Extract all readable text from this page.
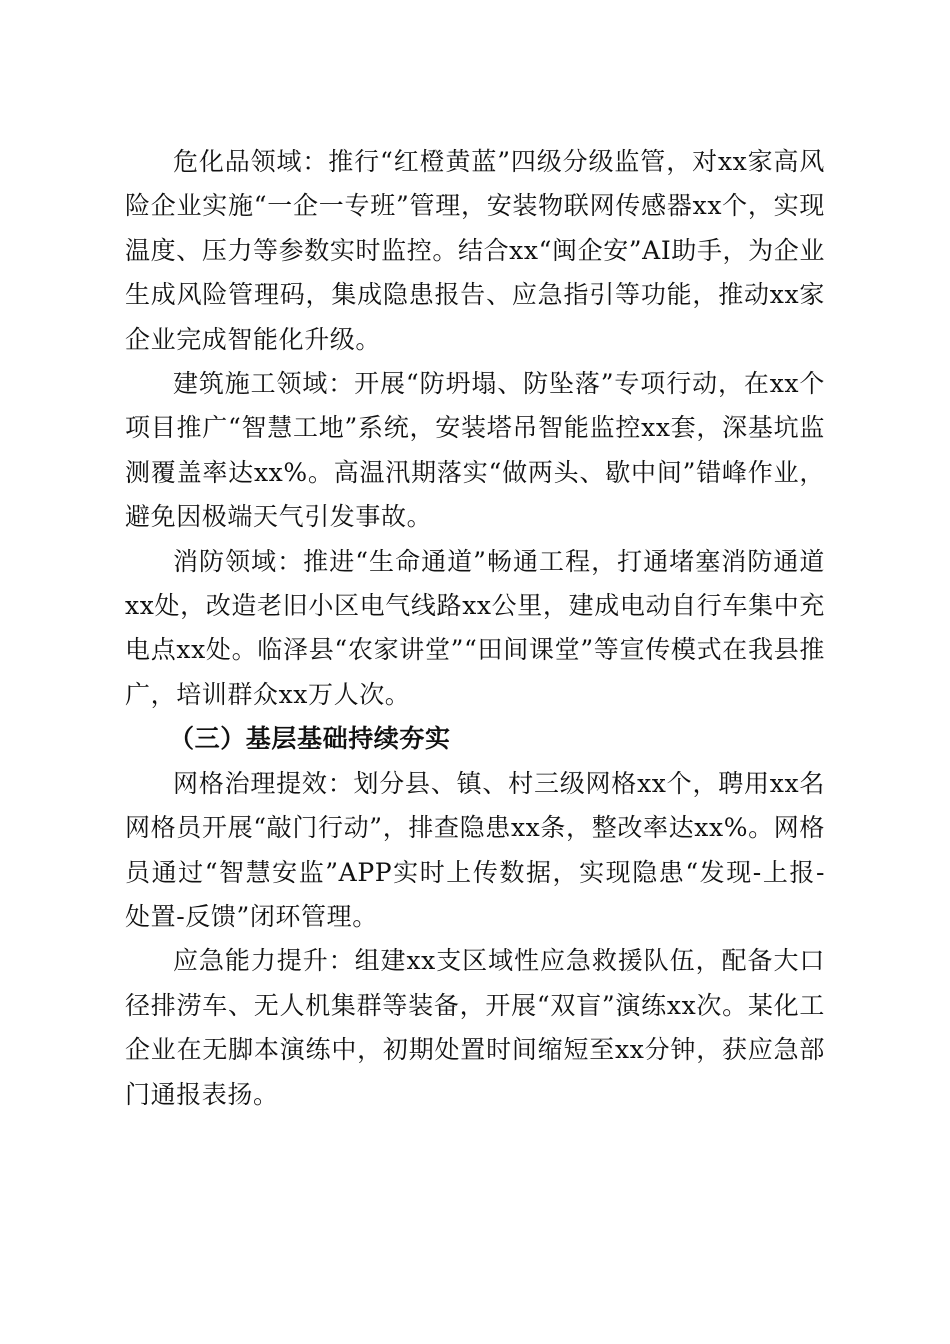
危化品领域：推行“红橙黄蓝”四级分级监管，对xx家高风险企业实施“一企一专班”管理，安装物联网传感器xx个，实现温度、压力等参数实时监控。结合xx“闽企安”AI助手，为企业生成风险管理码，集成隐患报告、应急指引等功能，推动xx家企业完成智能化升级。

建筑施工领域：开展“防坍塌、防坠落”专项行动，在xx个项目推广“智慧工地”系统，安装塔吊智能监控xx套，深基坑监测覆盖率达xx%。高温汛期落实“做两头、歇中间”错峰作业，避免因极端天气引发事故。

消防领域：推进“生命通道”畅通工程，打通堵塞消防通道xx处，改造老旧小区电气线路xx公里，建成电动自行车集中充电点xx处。临泽县“农家讲堂”“田间课堂”等宣传模式在我县推广，培训群众xx万人次。

（三）基层基础持续夯实

网格治理提效：划分县、镇、村三级网格xx个，聘用xx名网格员开展“敲门行动”，排查隐患xx条，整改率达xx%。网格员通过“智慧安监”APP实时上传数据，实现隐患“发现-上报-处置-反馈”闭环管理。

应急能力提升：组建xx支区域性应急救援队伍，配备大口径排涝车、无人机集群等装备，开展“双盲”演练xx次。某化工企业在无脚本演练中，初期处置时间缩短至xx分钟，获应急部门通报表扬。
